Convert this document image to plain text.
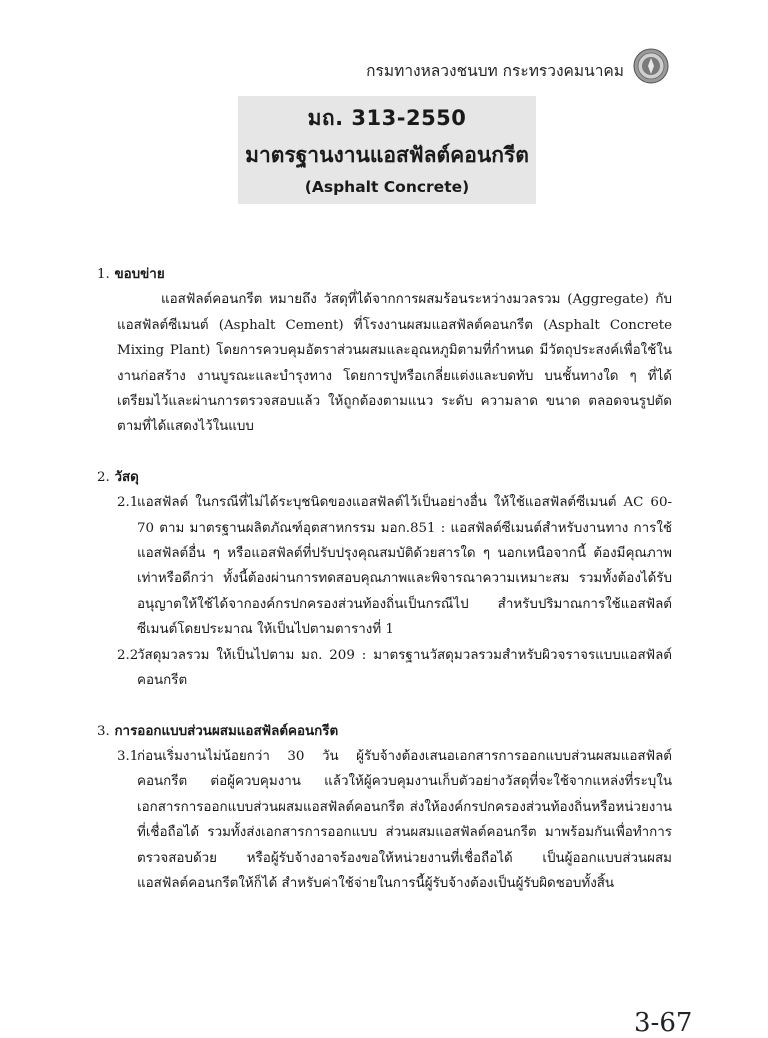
กรมทางหลวงชนบท กระทรวงคมนาคม
มถ. 313-2550
มาตรฐานงานแอสฟัลต์คอนกรีต
(Asphalt Concrete)
1. ขอบข่าย

แอสฟัลต์คอนกรีต หมายถึง วัสดุที่ได้จากการผสมร้อนระหว่างมวลรวม (Aggregate) กับแอสฟัลต์ซีเมนต์ (Asphalt Cement) ที่โรงงานผสมแอสฟัลต์คอนกรีต (Asphalt Concrete Mixing Plant) โดยการควบคุมอัตราส่วนผสมและอุณหภูมิตามที่กำหนด มีวัตถุประสงค์เพื่อใช้ในงานก่อสร้าง งานบูรณะและบำรุงทาง โดยการปูหรือเกลี่ยแต่งและบดทับ บนชั้นทางใด ๆ ที่ได้เตรียมไว้และผ่านการตรวจสอบแล้ว ให้ถูกต้องตามแนว ระดับ ความลาด ขนาด ตลอดจนรูปตัดตามที่ได้แสดงไว้ในแบบ

2. วัสดุ
2.1
แอสฟัลต์ ในกรณีที่ไม่ได้ระบุชนิดของแอสฟัลต์ไว้เป็นอย่างอื่น ให้ใช้แอสฟัลต์ซีเมนต์ AC 60-70 ตาม มาตรฐานผลิตภัณฑ์อุตสาหกรรม มอก.851 : แอสฟัลต์ซีเมนต์สำหรับงานทาง การใช้แอสฟัลต์อื่น ๆ หรือแอสฟัลต์ที่ปรับปรุงคุณสมบัติด้วยสารใด ๆ นอกเหนือจากนี้ ต้องมีคุณภาพเท่าหรือดีกว่า ทั้งนี้ต้องผ่านการทดสอบคุณภาพและพิจารณาความเหมาะสม รวมทั้งต้องได้รับอนุญาตให้ใช้ได้จากองค์กรปกครองส่วนท้องถิ่นเป็นกรณีไป สำหรับปริมาณการใช้แอสฟัลต์ซีเมนต์โดยประมาณ ให้เป็นไปตามตารางที่ 1
2.2
วัสดุมวลรวม ให้เป็นไปตาม มถ. 209 : มาตรฐานวัสดุมวลรวมสำหรับผิวจราจรแบบแอสฟัลต์คอนกรีต
3. การออกแบบส่วนผสมแอสฟัลต์คอนกรีต
3.1
ก่อนเริ่มงานไม่น้อยกว่า 30 วัน ผู้รับจ้างต้องเสนอเอกสารการออกแบบส่วนผสมแอสฟัลต์คอนกรีต ต่อผู้ควบคุมงาน แล้วให้ผู้ควบคุมงานเก็บตัวอย่างวัสดุที่จะใช้จากแหล่งที่ระบุในเอกสารการออกแบบส่วนผสมแอสฟัลต์คอนกรีต ส่งให้องค์กรปกครองส่วนท้องถิ่นหรือหน่วยงานที่เชื่อถือได้ รวมทั้งส่งเอกสารการออกแบบ ส่วนผสมแอสฟัลต์คอนกรีต มาพร้อมกันเพื่อทำการตรวจสอบด้วย หรือผู้รับจ้างอาจร้องขอให้หน่วยงานที่เชื่อถือได้ เป็นผู้ออกแบบส่วนผสมแอสฟัลต์คอนกรีตให้ก็ได้ สำหรับค่าใช้จ่ายในการนี้ผู้รับจ้างต้องเป็นผู้รับผิดชอบทั้งสิ้น
3-67
